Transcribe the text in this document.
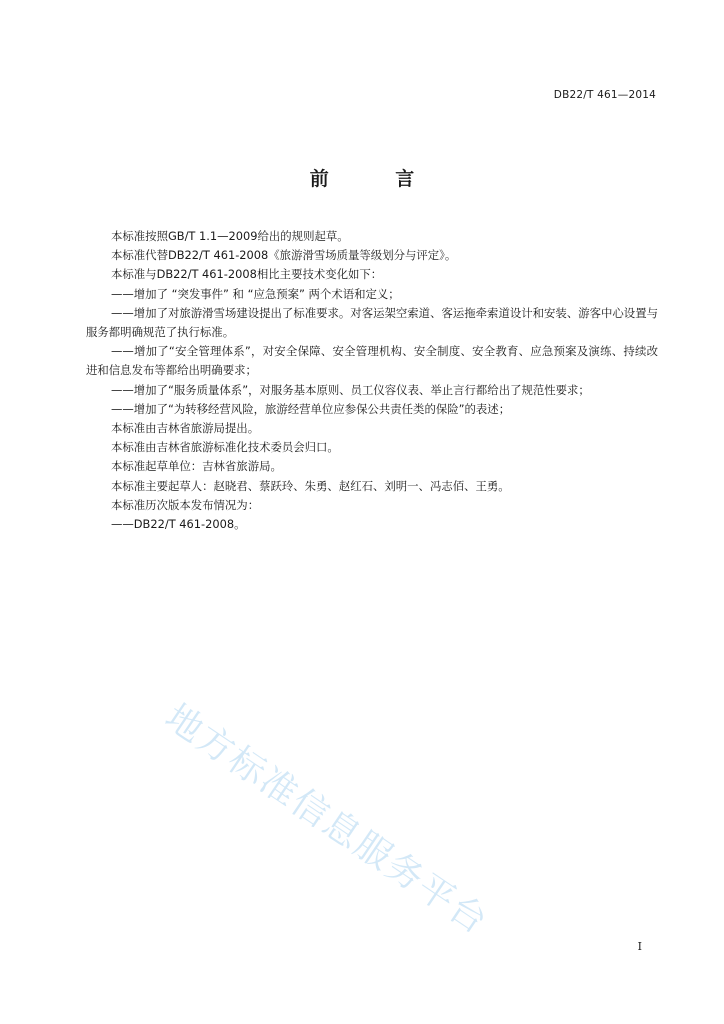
DB22/T 461—2014
前 言

本标准按照GB/T 1.1—2009给出的规则起草。

本标准代替DB22/T 461-2008《旅游滑雪场质量等级划分与评定》。

本标准与DB22/T 461-2008相比主要技术变化如下：

——增加了 “突发事件” 和 “应急预案” 两个术语和定义；

——增加了对旅游滑雪场建设提出了标准要求。对客运架空索道、客运拖牵索道设计和安装、游客中心设置与服务都明确规范了执行标准。

——增加了“安全管理体系”，对安全保障、安全管理机构、安全制度、安全教育、应急预案及演练、持续改进和信息发布等都给出明确要求；

——增加了“服务质量体系”，对服务基本原则、员工仪容仪表、举止言行都给出了规范性要求；

——增加了“为转移经营风险，旅游经营单位应参保公共责任类的保险”的表述；

本标准由吉林省旅游局提出。

本标准由吉林省旅游标准化技术委员会归口。

本标准起草单位：吉林省旅游局。

本标准主要起草人：赵晓君、蔡跃玲、朱勇、赵红石、刘明一、冯志佰、王勇。

本标准历次版本发布情况为：

——DB22/T 461-2008。

地方标准信息服务平台
I
